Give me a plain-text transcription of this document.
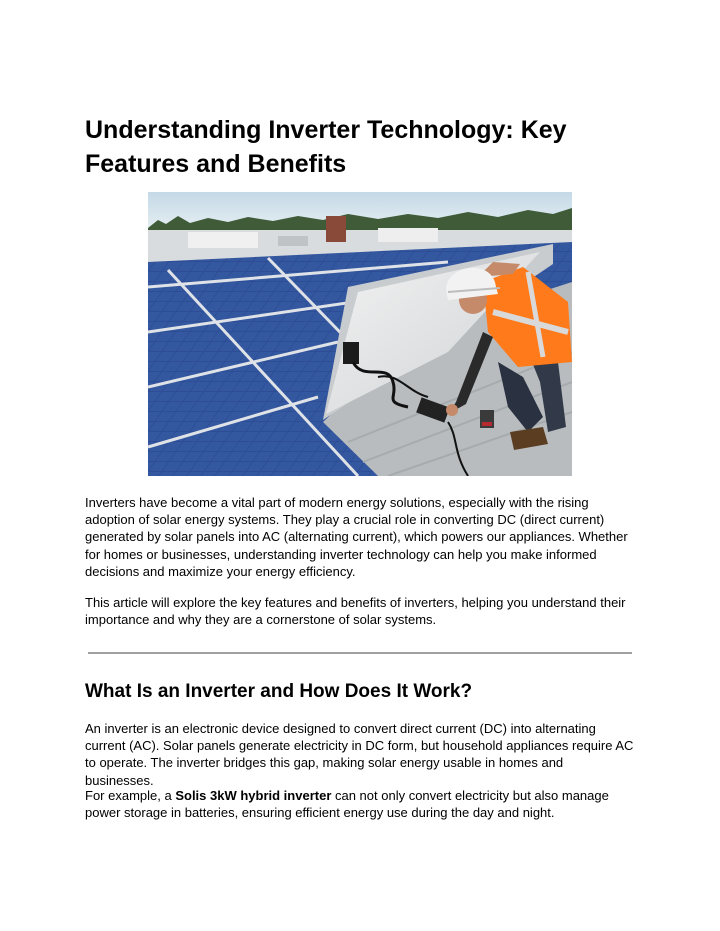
Understanding Inverter Technology: Key Features and Benefits

Inverters have become a vital part of modern energy solutions, especially with the rising adoption of solar energy systems. They play a crucial role in converting DC (direct current) generated by solar panels into AC (alternating current), which powers our appliances. Whether for homes or businesses, understanding inverter technology can help you make informed decisions and maximize your energy efficiency.

This article will explore the key features and benefits of inverters, helping you understand their importance and why they are a cornerstone of solar systems.

What Is an Inverter and How Does It Work?

An inverter is an electronic device designed to convert direct current (DC) into alternating current (AC). Solar panels generate electricity in DC form, but household appliances require AC to operate. The inverter bridges this gap, making solar energy usable in homes and businesses.

For example, a Solis 3kW hybrid inverter can not only convert electricity but also manage power storage in batteries, ensuring efficient energy use during the day and night.
